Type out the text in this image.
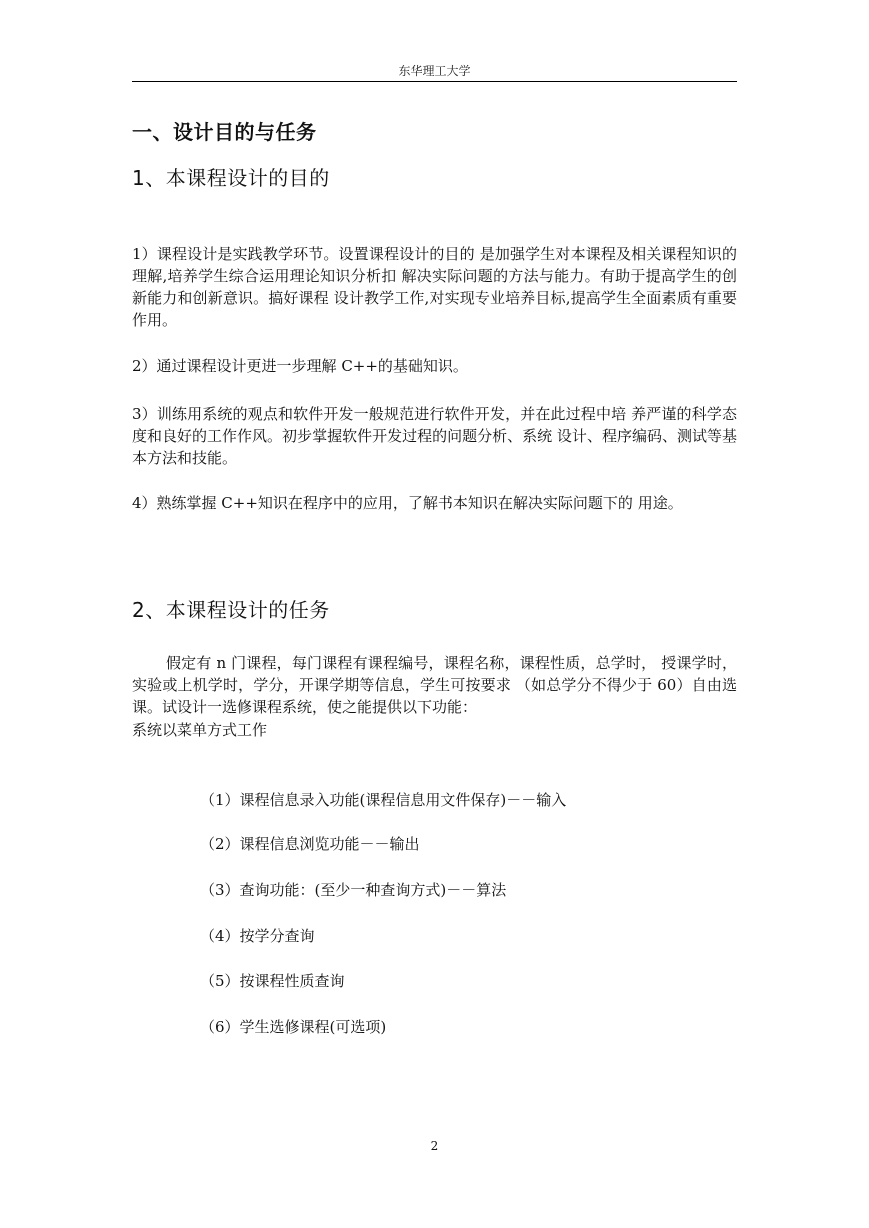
东华理工大学
一、设计目的与任务
1、本课程设计的目的
1）课程设计是实践教学环节。设置课程设计的目的 是加强学生对本课程及相关课程知识的理解,培养学生综合运用理论知识分析扣 解决实际问题的方法与能力。有助于提高学生的创新能力和创新意识。搞好课程 设计教学工作,对实现专业培养目标,提高学生全面素质有重要作用。
2）通过课程设计更进一步理解 C++的基础知识。
3）训练用系统的观点和软件开发一般规范进行软件开发，并在此过程中培 养严谨的科学态度和良好的工作作风。初步掌握软件开发过程的问题分析、系统 设计、程序编码、测试等基本方法和技能。
4）熟练掌握 C++知识在程序中的应用，了解书本知识在解决实际问题下的 用途。
2、本课程设计的任务
假定有 n 门课程，每门课程有课程编号，课程名称，课程性质，总学时， 授课学时，实验或上机学时，学分，开课学期等信息，学生可按要求 （如总学分不得少于 60）自由选课。试设计一选修课程系统，使之能提供以下功能：
系统以菜单方式工作
（1）课程信息录入功能(课程信息用文件保存)－－输入
（2）课程信息浏览功能－－输出
（3）查询功能：(至少一种查询方式)－－算法
（4）按学分查询
（5）按课程性质查询
（6）学生选修课程(可选项)
2
